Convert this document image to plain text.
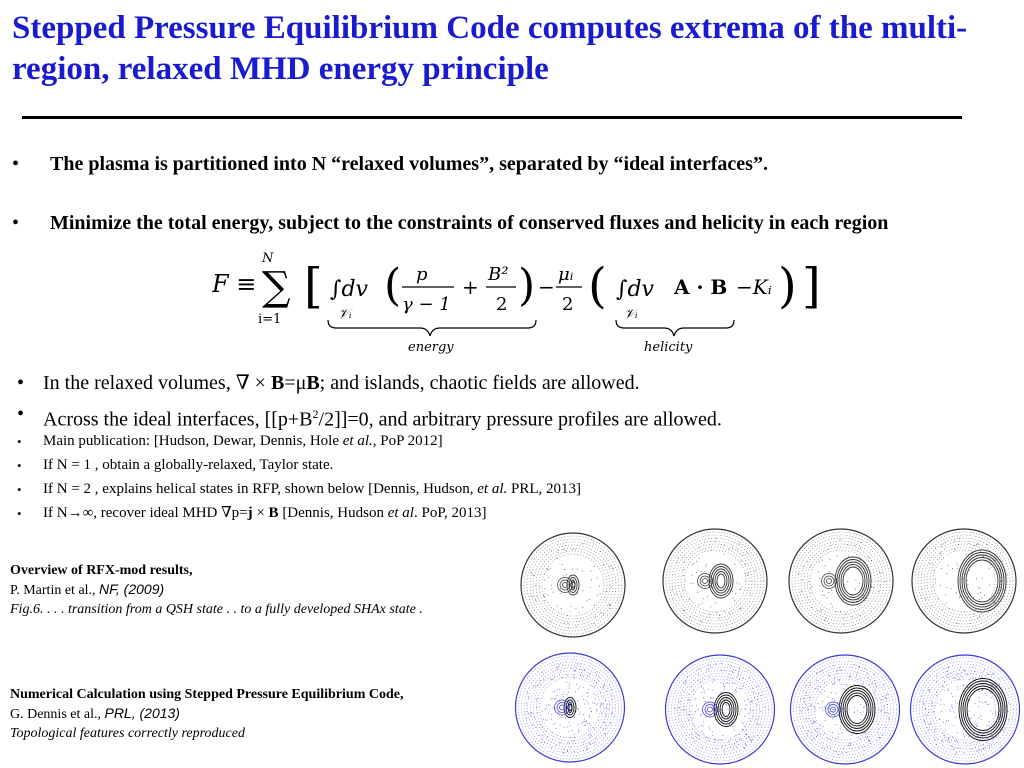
Stepped Pressure Equilibrium Code computes extrema of the multi-region, relaxed MHD energy principle
• The plasma is partitioned into N “relaxed volumes”, separated by “ideal interfaces”.
• Minimize the total energy, subject to the constraints of conserved fluxes and helicity in each region
F ≡
N
∑
i=1
[ ∫dv
𝒱ᵢ
( p
γ − 1
+
B²
2 ) −
μᵢ
2 ( ∫dv
𝒱ᵢ
A · B −Kᵢ ) ]
energy	helicity
• In the relaxed volumes, ∇ × B=μB; and islands, chaotic fields are allowed.
• Across the ideal interfaces, $[[p+B^2/2]]=0$, and arbitrary pressure profiles are allowed.
• Main publication: [Hudson, Dewar, Dennis, Hole et al., PoP 2012]
• If N = 1 , obtain a globally-relaxed, Taylor state.
• If N = 2 , explains helical states in RFP, shown below [Dennis, Hudson, et al. PRL, 2013]
• If N→∞, recover ideal MHD ∇p=j × B [Dennis, Hudson et al. PoP, 2013]
Overview of RFX-mod results,
P. Martin et al., NF, (2009)
Fig.6. . . . transition from a QSH state . . to a fully developed SHAx state .
Numerical Calculation using Stepped Pressure Equilibrium Code,
G. Dennis et al., PRL, (2013)
Topological features correctly reproduced
